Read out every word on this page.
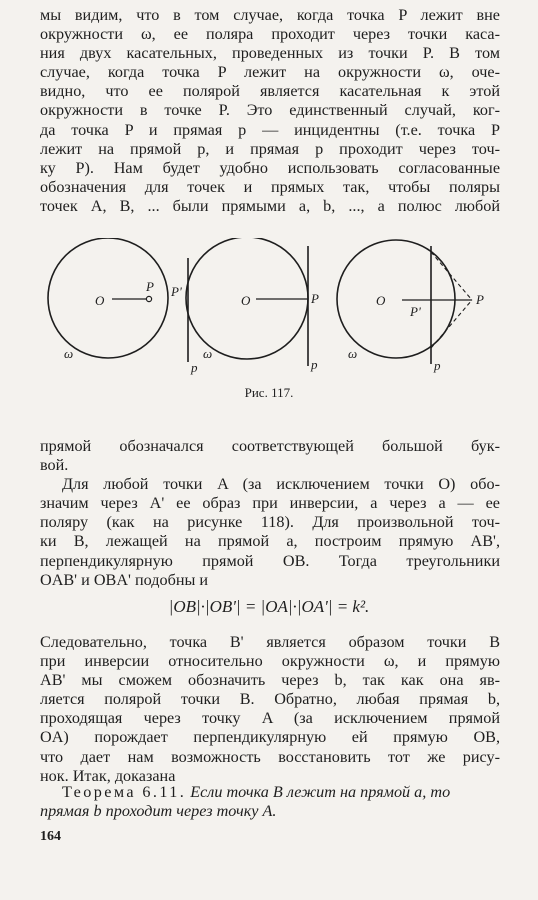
мы видим, что в том случае, когда точка P лежит вне
окружности ω, ее поляра проходит через точки каса-
ния двух касательных, проведенных из точки P. В том
случае, когда точка P лежит на окружности ω, оче-
видно, что ее полярой является касательная к этой
окружности в точке P. Это единственный случай, ког-
да точка P и прямая p — инцидентны (т.е. точка P
лежит на прямой p, и прямая p проходит через точ-
ку P). Нам будет удобно использовать согласованные
обозначения для точек и прямых так, чтобы поляры
точек A, B, ... были прямыми a, b, ..., а полюс любой
O
P P'
ω
p
O	P
ω
p
O	P
P'
ω
p
Рис. 117.
прямой обозначался соответствующей большой бук-
вой.
Для любой точки A (за исключением точки O) обо-
значим через A' ее образ при инверсии, а через a — ее
поляру (как на рисунке 118). Для произвольной точ-
ки B, лежащей на прямой a, построим прямую AB',
перпендикулярную прямой OB. Тогда треугольники
OAB' и OBA' подобны и
|OB|·|OB'| = |OA|·|OA'| = k².
Следовательно, точка B' является образом точки B
при инверсии относительно окружности ω, и прямую
AB' мы сможем обозначить через b, так как она яв-
ляется полярой точки B. Обратно, любая прямая b,
проходящая через точку A (за исключением прямой
OA) порождает перпендикулярную ей прямую OB,
что дает нам возможность восстановить тот же рису-
нок. Итак, доказана
Теорема 6.11. Если точка B лежит на прямой a, то прямая b проходит через точку A.
164
